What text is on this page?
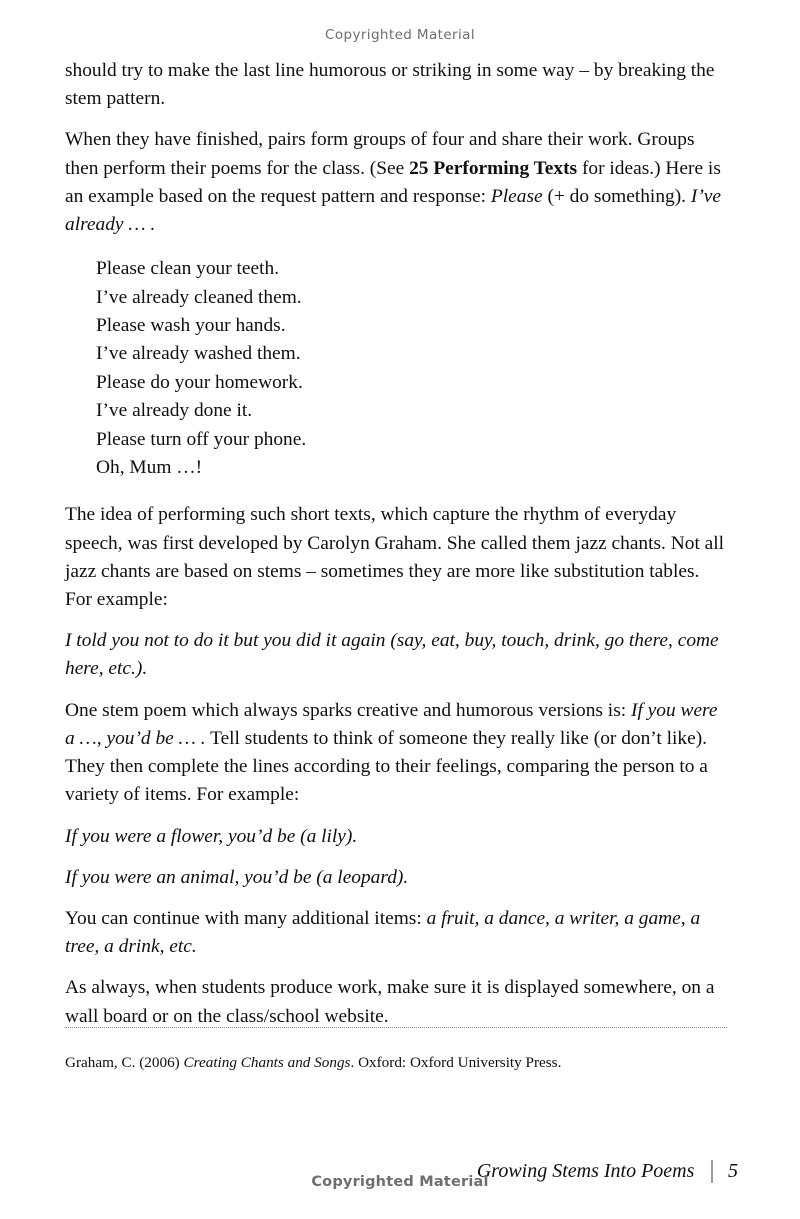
Copyrighted Material

should try to make the last line humorous or striking in some way – by breaking the stem pattern.

When they have finished, pairs form groups of four and share their work. Groups then perform their poems for the class. (See 25 Performing Texts for ideas.) Here is an example based on the request pattern and response: Please (+ do something). I’ve already … .

Please clean your teeth.
I’ve already cleaned them.
Please wash your hands.
I’ve already washed them.
Please do your homework.
I’ve already done it.
Please turn off your phone.
Oh, Mum …!

The idea of performing such short texts, which capture the rhythm of everyday speech, was first developed by Carolyn Graham. She called them jazz chants. Not all jazz chants are based on stems – sometimes they are more like substitution tables. For example:

I told you not to do it but you did it again (say, eat, buy, touch, drink, go there, come here, etc.).

One stem poem which always sparks creative and humorous versions is: If you were a …, you’d be … . Tell students to think of someone they really like (or don’t like). They then complete the lines according to their feelings, comparing the person to a variety of items. For example:

If you were a flower, you’d be (a lily).

If you were an animal, you’d be (a leopard).

You can continue with many additional items: a fruit, a dance, a writer, a game, a tree, a drink, etc.

As always, when students produce work, make sure it is displayed somewhere, on a wall board or on the class/school website.

Graham, C. (2006) Creating Chants and Songs. Oxford: Oxford University Press.
Growing Stems Into Poems 5
Copyrighted Material
